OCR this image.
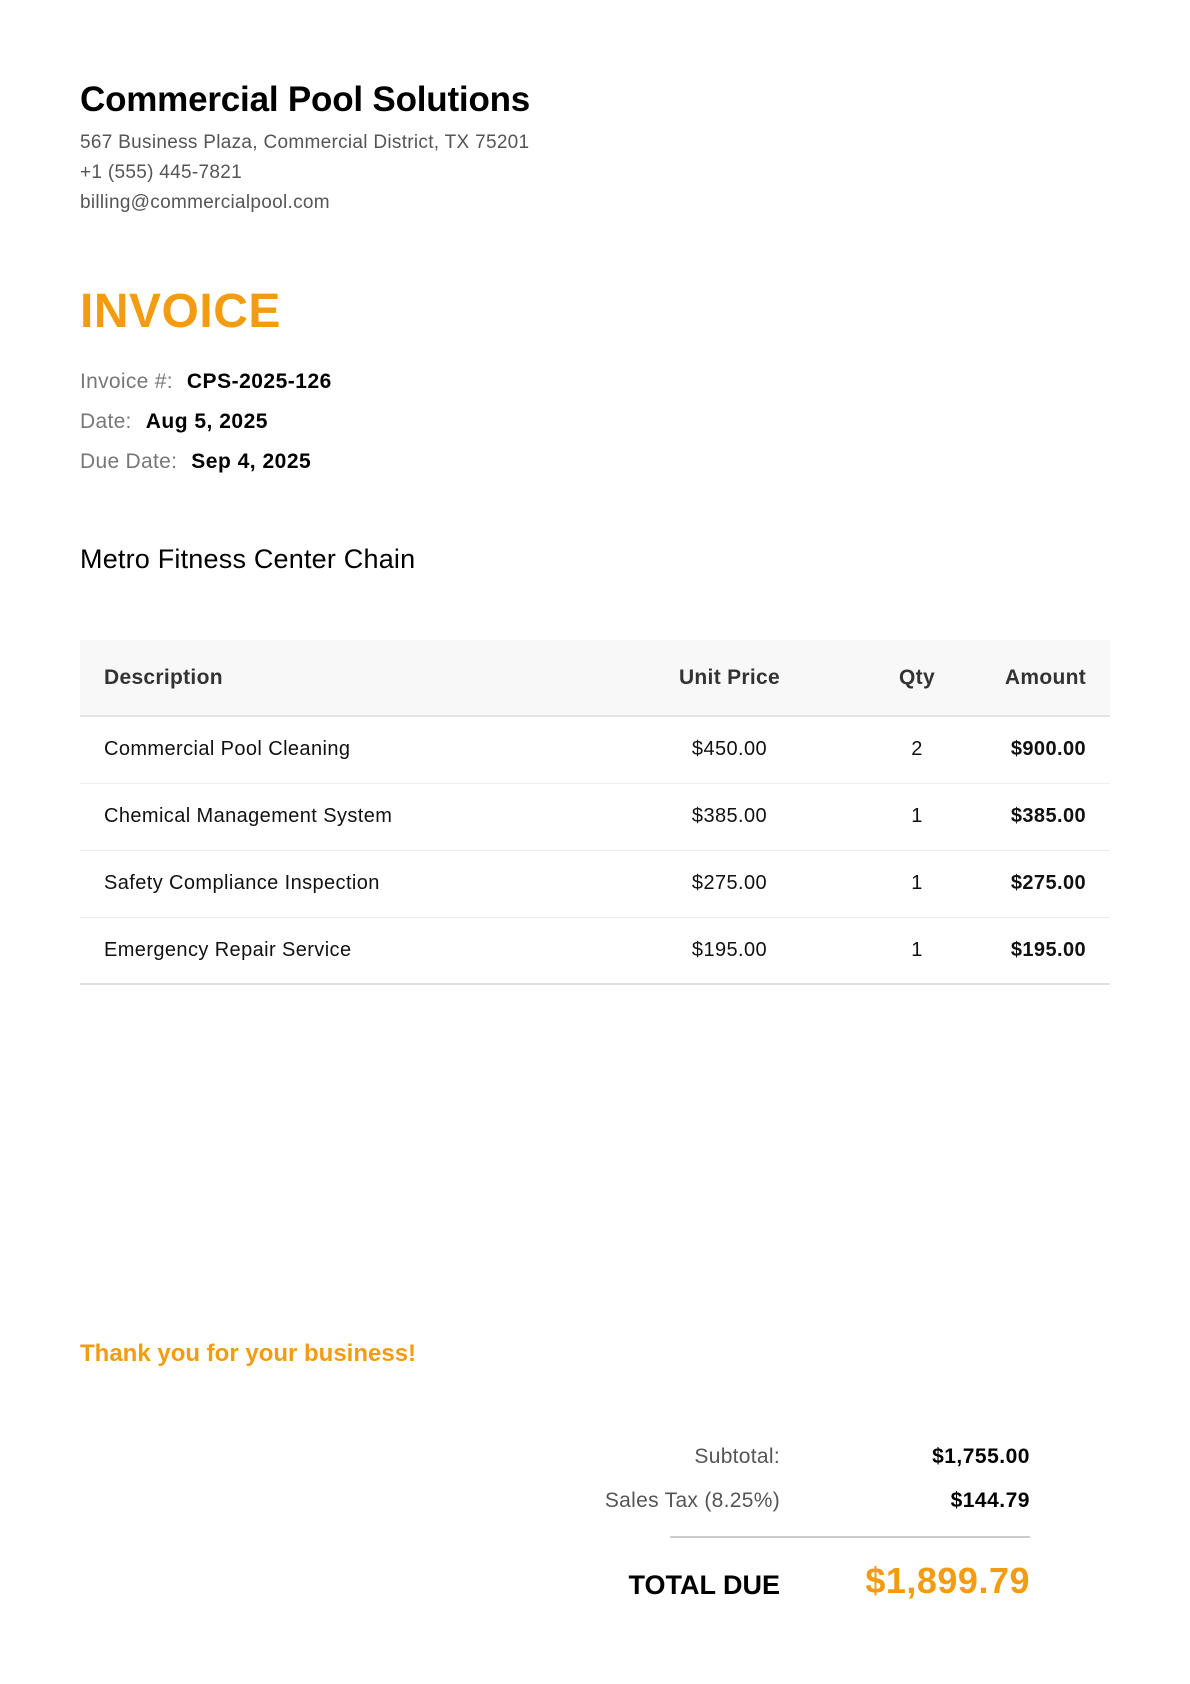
Commercial Pool Solutions
567 Business Plaza, Commercial District, TX 75201
+1 (555) 445-7821
billing@commercialpool.com
INVOICE
Invoice #: CPS-2025-126
Date: Aug 5, 2025
Due Date: Sep 4, 2025
Metro Fitness Center Chain
Description	Unit Price	Qty	Amount
Commercial Pool Cleaning	$450.00	2	$900.00
Chemical Management System	$385.00	1	$385.00
Safety Compliance Inspection	$275.00	1	$275.00
Emergency Repair Service	$195.00	1	$195.00
Thank you for your business!
Subtotal:	$1,755.00
Sales Tax (8.25%)	$144.79
TOTAL DUE $1,899.79
